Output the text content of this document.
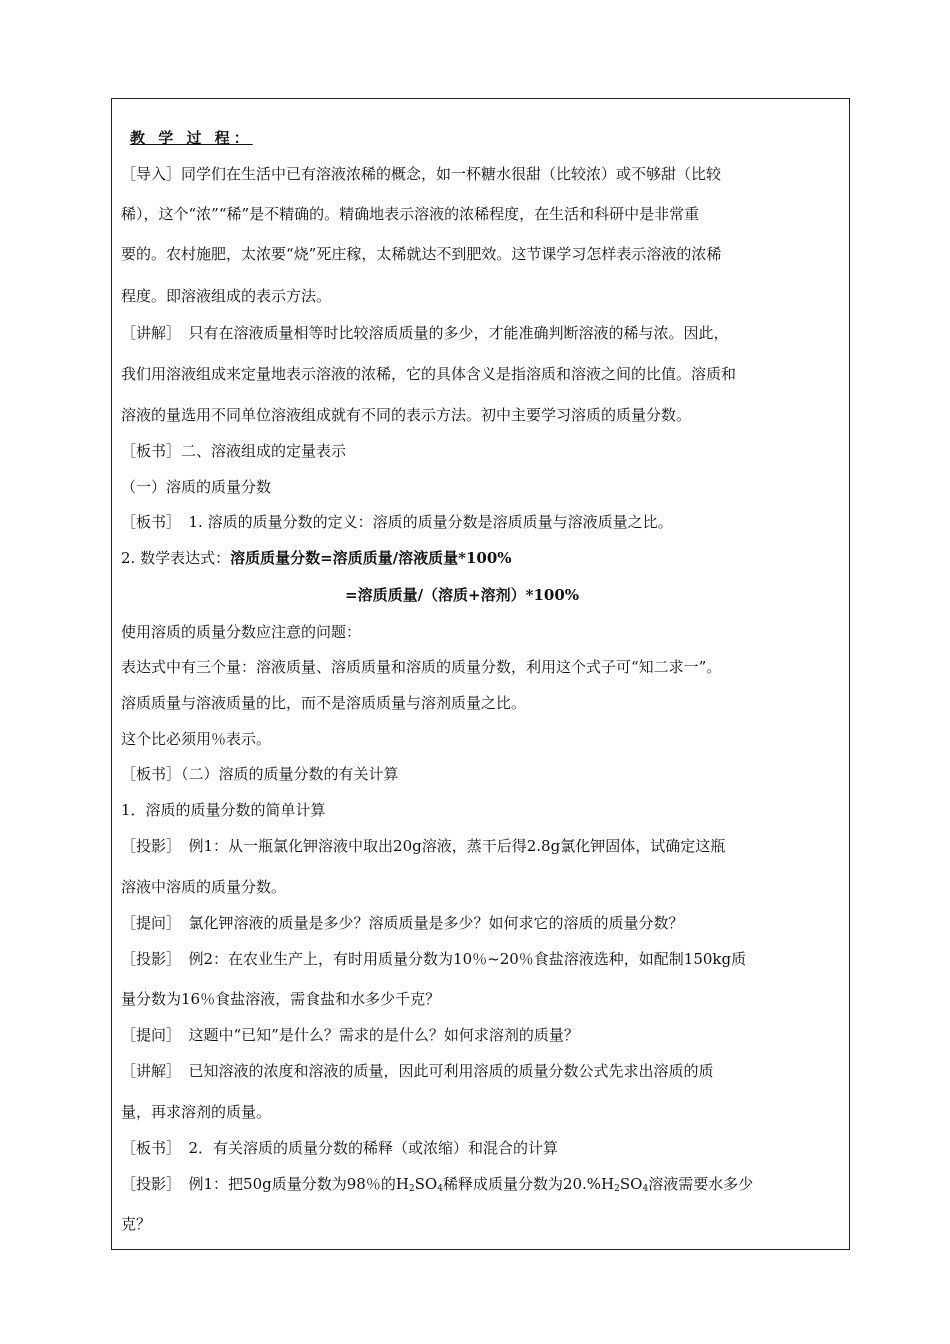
教 学 过 程：
［导入］同学们在生活中已有溶液浓稀的概念，如一杯糖水很甜（比较浓）或不够甜（比较
稀），这个“浓”“稀”是不精确的。精确地表示溶液的浓稀程度，在生活和科研中是非常重
要的。农村施肥，太浓要“烧”死庄稼，太稀就达不到肥效。这节课学习怎样表示溶液的浓稀
程度。即溶液组成的表示方法。
［讲解］　只有在溶液质量相等时比较溶质质量的多少，才能准确判断溶液的稀与浓。因此，
我们用溶液组成来定量地表示溶液的浓稀，它的具体含义是指溶质和溶液之间的比值。溶质和
溶液的量选用不同单位溶液组成就有不同的表示方法。初中主要学习溶质的质量分数。
［板书］二、溶液组成的定量表示
（一）溶质的质量分数
［板书］　1. 溶质的质量分数的定义：溶质的质量分数是溶质质量与溶液质量之比。
2. 数学表达式：溶质质量分数=溶质质量/溶液质量*100%
=溶质质量/（溶质+溶剂）*100%
使用溶质的质量分数应注意的问题：
表达式中有三个量：溶液质量、溶质质量和溶质的质量分数，利用这个式子可“知二求一”。
溶质质量与溶液质量的比，而不是溶质质量与溶剂质量之比。
这个比必须用％表示。
［板书］（二）溶质的质量分数的有关计算
1．溶质的质量分数的简单计算
［投影］　例1：从一瓶氯化钾溶液中取出20g溶液，蒸干后得2.8g氯化钾固体，试确定这瓶
溶液中溶质的质量分数。
［提问］　氯化钾溶液的质量是多少？溶质质量是多少？如何求它的溶质的质量分数？
［投影］　例2：在农业生产上，有时用质量分数为10％~20％食盐溶液选种，如配制150kg质
量分数为16％食盐溶液，需食盐和水多少千克？
［提问］　这题中“已知”是什么？需求的是什么？如何求溶剂的质量？
［讲解］　已知溶液的浓度和溶液的质量，因此可利用溶质的质量分数公式先求出溶质的质
量，再求溶剂的质量。
［板书］　2．有关溶质的质量分数的稀释（或浓缩）和混合的计算
［投影］　例1：把50g质量分数为98％的$H_2SO_4$稀释成质量分数为$20.\%H_2SO_4$溶液需要水多少
克？
